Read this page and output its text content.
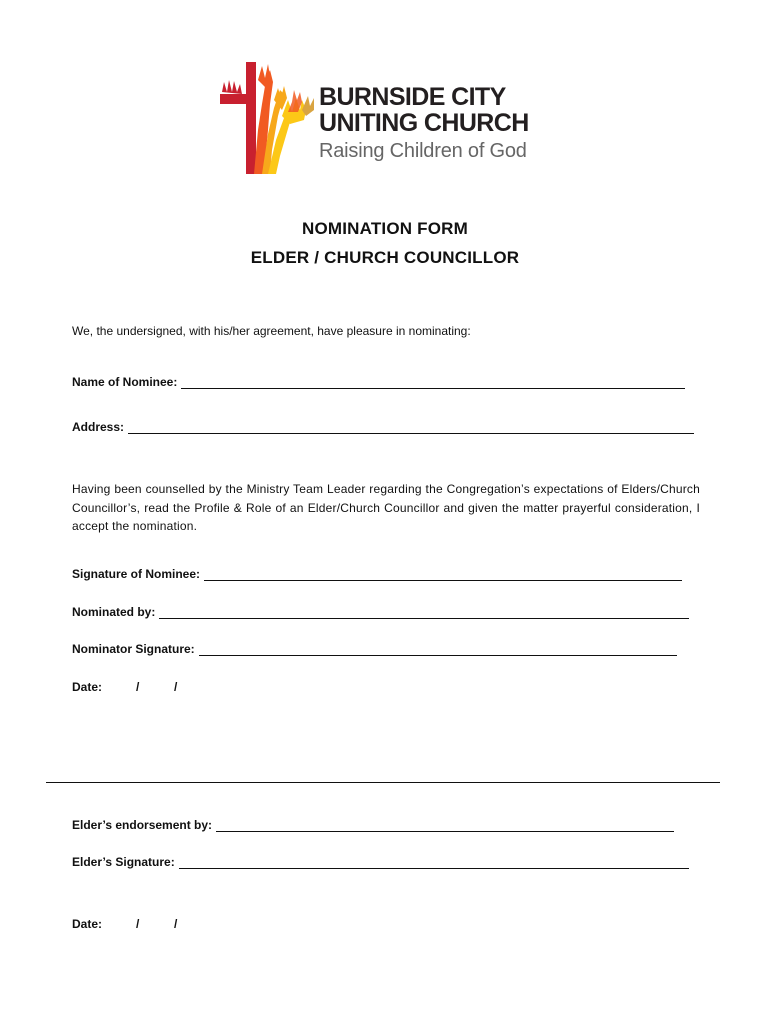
BURNSIDE CITY
UNITING CHURCH
Raising Children of God
NOMINATION FORM
ELDER / CHURCH COUNCILLOR
We, the undersigned, with his/her agreement, have pleasure in nominating:
Name of Nominee:
Address:
Having been counselled by the Ministry Team Leader regarding the Congregation’s expectations of Elders/Church Councillor’s, read the Profile & Role of an Elder/Church Councillor and given the matter prayerful consideration, I accept the nomination.
Signature of Nominee:
Nominated by:
Nominator Signature:
Date:	/	/
Elder’s endorsement by:
Elder’s Signature:
Date:	/	/
